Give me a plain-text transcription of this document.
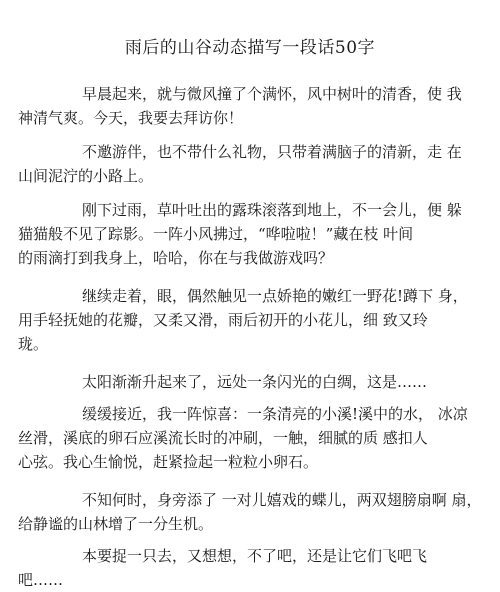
雨后的山谷动态描写一段话50字

早晨起来，就与微风撞了个满怀，风中树叶的清香，使 我
神清气爽。今天，我要去拜访你！

不邀游伴，也不带什么礼物，只带着满脑子的清新，走 在
山间泥泞的小路上。

刚下过雨，草叶吐出的露珠滚落到地上，不一会儿，便 躲
猫猫般不见了踪影。一阵小风拂过，“哗啦啦！”藏在枝 叶间
的雨滴打到我身上，哈哈，你在与我做游戏吗？

继续走着，眼，偶然触见一点娇艳的嫩红一野花!蹲下 身，
用手轻抚她的花瓣，又柔又滑，雨后初开的小花儿，细 致又玲
珑。

太阳渐渐升起来了，远处一条闪光的白绸，这是……

缓缓接近，我一阵惊喜：一条清亮的小溪!溪中的水， 冰凉
丝滑，溪底的卵石应溪流长时的冲刷，一触，细腻的质 感扣人
心弦。我心生愉悦，赶紧捡起一粒粒小卵石。

不知何时，身旁添了 一对儿嬉戏的蝶儿，两双翅膀扇啊 扇，
给静谧的山林增了一分生机。

本要捉一只去，又想想，不了吧，还是让它们飞吧飞
吧……
